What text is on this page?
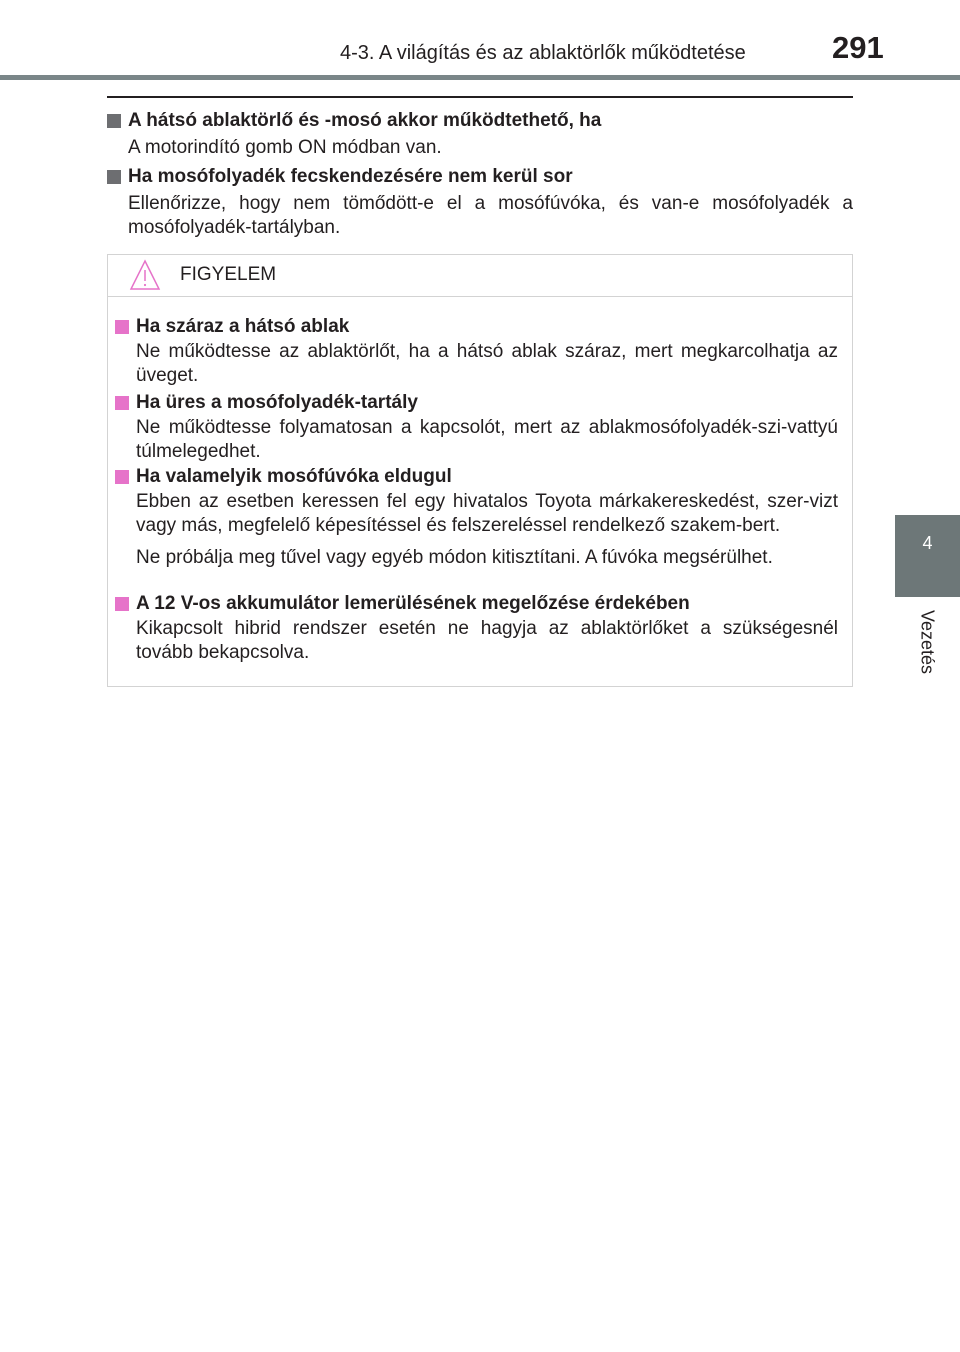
4-3. A világítás és az ablaktörlők működtetése	291
4
Vezetés
A hátsó ablaktörlő és -mosó akkor működtethető, ha
A motorindító gomb ON módban van.
Ha mosófolyadék fecskendezésére nem kerül sor
Ellenőrizze, hogy nem tömődött-e el a mosófúvóka, és van-e mosófolyadék a mosófolyadék-tartályban.
FIGYELEM
Ha száraz a hátsó ablak
Ne működtesse az ablaktörlőt, ha a hátsó ablak száraz, mert megkarcolhatja az üveget.
Ha üres a mosófolyadék-tartály
Ne működtesse folyamatosan a kapcsolót, mert az ablakmosófolyadék-szi-vattyú túlmelegedhet.
Ha valamelyik mosófúvóka eldugul
Ebben az esetben keressen fel egy hivatalos Toyota márkakereskedést, szer-vizt vagy más, megfelelő képesítéssel és felszereléssel rendelkező szakem-bert.
Ne próbálja meg tűvel vagy egyéb módon kitisztítani. A fúvóka megsérülhet.
A 12 V-os akkumulátor lemerülésének megelőzése érdekében
Kikapcsolt hibrid rendszer esetén ne hagyja az ablaktörlőket a szükségesnél tovább bekapcsolva.
